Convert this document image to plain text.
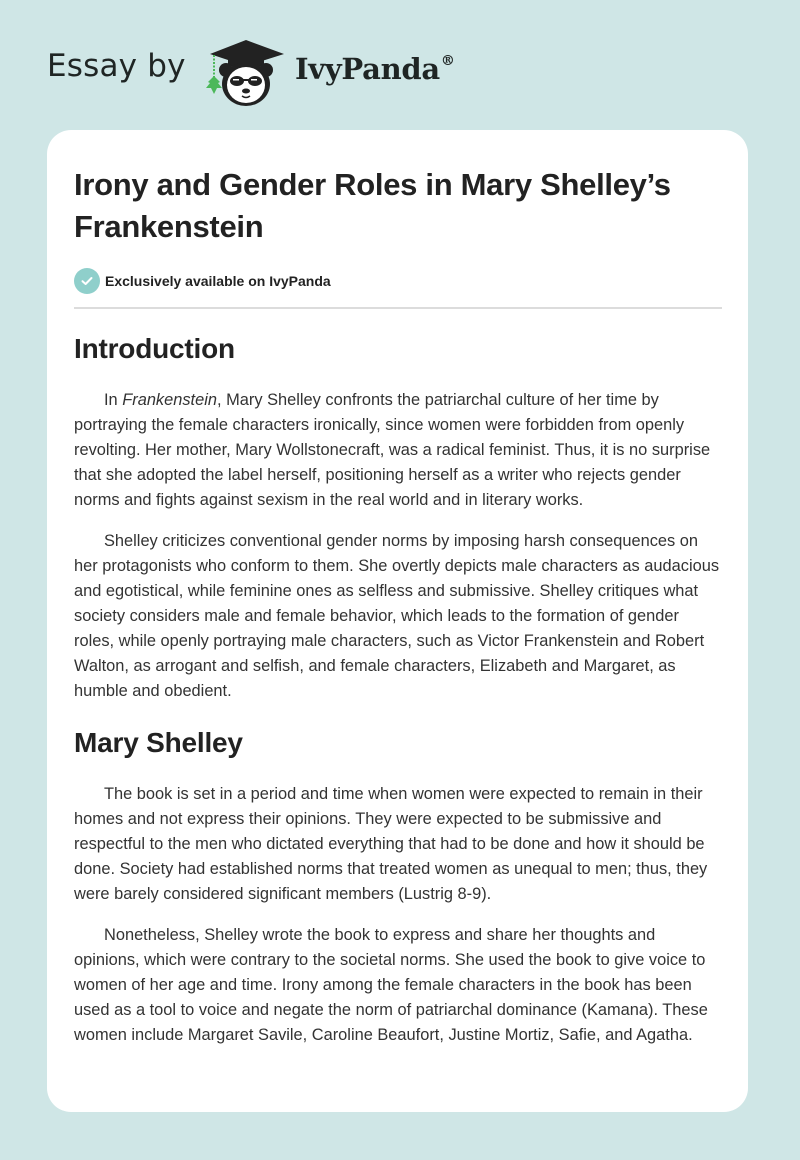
Essay by	IvyPanda®
Irony and Gender Roles in Mary Shelley’s Frankenstein
Exclusively available on IvyPanda
Introduction

In Frankenstein, Mary Shelley confronts the patriarchal culture of her time by portraying the female characters ironically, since women were forbidden from openly revolting. Her mother, Mary Wollstonecraft, was a radical feminist. Thus, it is no surprise that she adopted the label herself, positioning herself as a writer who rejects gender norms and fights against sexism in the real world and in literary works.

Shelley criticizes conventional gender norms by imposing harsh consequences on her protagonists who conform to them. She overtly depicts male characters as audacious and egotistical, while feminine ones as selfless and submissive. Shelley critiques what society considers male and female behavior, which leads to the formation of gender roles, while openly portraying male characters, such as Victor Frankenstein and Robert Walton, as arrogant and selfish, and female characters, Elizabeth and Margaret, as humble and obedient.

Mary Shelley

The book is set in a period and time when women were expected to remain in their homes and not express their opinions. They were expected to be submissive and respectful to the men who dictated everything that had to be done and how it should be done. Society had established norms that treated women as unequal to men; thus, they were barely considered significant members (Lustrig 8-9).

Nonetheless, Shelley wrote the book to express and share her thoughts and opinions, which were contrary to the societal norms. She used the book to give voice to women of her age and time. Irony among the female characters in the book has been used as a tool to voice and negate the norm of patriarchal dominance (Kamana). These women include Margaret Savile, Caroline Beaufort, Justine Mortiz, Safie, and Agatha.
